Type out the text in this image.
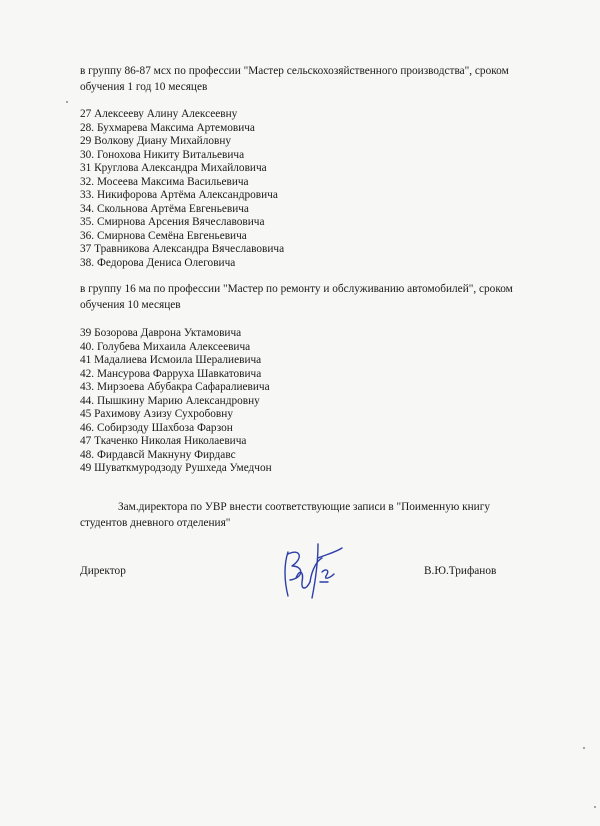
в группу 86-87 мсх по профессии "Мастер сельскохозяйственного производства", сроком обучения 1 год 10 месяцев
27 Алексееву Алину Алексеевну
28. Бухмарева Максима Артемовича
29 Волкову Диану Михайловну
30. Гонохова Никиту Витальевича
31 Круглова Александра Михайловича
32. Мосеева Максима Васильевича
33. Никифорова Артёма Александровича
34. Скольнова Артёма Евгеньевича
35. Смирнова Арсения Вячеславовича
36. Смирнова Семёна Евгеньевича
37 Травникова Александра Вячеславовича
38. Федорова Дениса Олеговича
в группу 16 ма по профессии "Мастер по ремонту и обслуживанию автомобилей", сроком обучения 10 месяцев
39 Бозорова Даврона Уктамовича
40. Голубева Михаила Алексеевича
41 Мадалиева Исмоила Шералиевича
42. Мансурова Фарруха Шавкатовича
43. Мирзоева Абубакра Сафаралиевича
44. Пышкину Марию Александровну
45 Рахимову Азизу Сухробовну
46. Собирзоду Шахбоза Фарзон
47 Ткаченко Николая Николаевича
48. Фирдавсй Макнуну Фирдавс
49 Шуваткмуродзоду Рушхеда Умедчон
Зам.директора по УВР внести соответствующие записи в "Поименную книгу студентов дневного отделения"
Директор	В.Ю.Трифанов
